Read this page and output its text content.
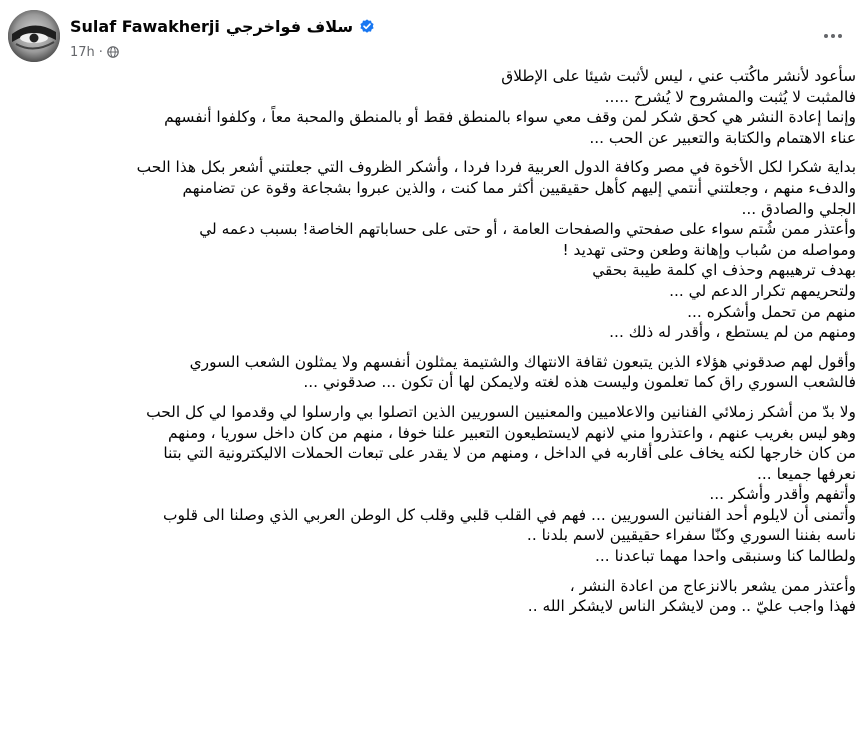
Sulaf Fawakherji سلاف فواخرجي
17h ·
سأعود لأنشر ماكُتب عني ، ليس لأثبت شيئا على الإطلاق
فالمثبت لا يُثبت والمشروح لا يُشرح .....
وإنما إعادة النشر هي كحق شكر لمن وقف معي سواء بالمنطق فقط أو بالمنطق والمحبة معاً ، وكلفوا أنفسهم
عناء الاهتمام والكتابة والتعبير عن الحب ...
بداية شكرا لكل الأخوة في مصر وكافة الدول العربية فردا فردا ، وأشكر الظروف التي جعلتني أشعر بكل هذا الحب
والدفء منهم ، وجعلتني أنتمي إليهم كأهل حقيقيين أكثر مما كنت ، والذين عبروا بشجاعة وقوة عن تضامنهم
الجلي والصادق ...
وأعتذر ممن شُتم سواء على صفحتي والصفحات العامة ، أو حتى على حساباتهم الخاصة! بسبب دعمه لي
ومواصله من سُباب وإهانة وطعن وحتى تهديد !
بهدف ترهيبهم وحذف اي كلمة طيبة بحقي
ولتحريمهم تكرار الدعم لي ...
منهم من تحمل وأشكره ...
ومنهم من لم يستطع ، وأقدر له ذلك ...
وأقول لهم صدقوني هؤلاء الذين يتبعون ثقافة الانتهاك والشتيمة يمثلون أنفسهم ولا يمثلون الشعب السوري
فالشعب السوري راق كما تعلمون وليست هذه لغته ولايمكن لها أن تكون ... صدقوني ...
ولا بدّ من أشكر زملائي الفنانين والاعلاميين والمعنيين السوريين الذين اتصلوا بي وارسلوا لي وقدموا لي كل الحب
وهو ليس بغريب عنهم ، واعتذروا مني لانهم لايستطيعون التعبير علنا خوفا ، منهم من كان داخل سوريا ، ومنهم
من كان خارجها لكنه يخاف على أقاربه في الداخل ، ومنهم من لا يقدر على تبعات الحملات الاليكترونية التي بتنا
نعرفها جميعا ...
وأتفهم وأقدر وأشكر ...
وأتمنى أن لايلوم أحد الفنانين السوريين ... فهم في القلب قلبي وقلب كل الوطن العربي الذي وصلنا الى قلوب
ناسه بفننا السوري وكنّا سفراء حقيقيين لاسم بلدنا ..
ولطالما كنا وسنبقى واحدا مهما تباعدنا ...
وأعتذر ممن يشعر بالانزعاج من اعادة النشر ،
فهذا واجب عليّ .. ومن لايشكر الناس لايشكر الله ..
